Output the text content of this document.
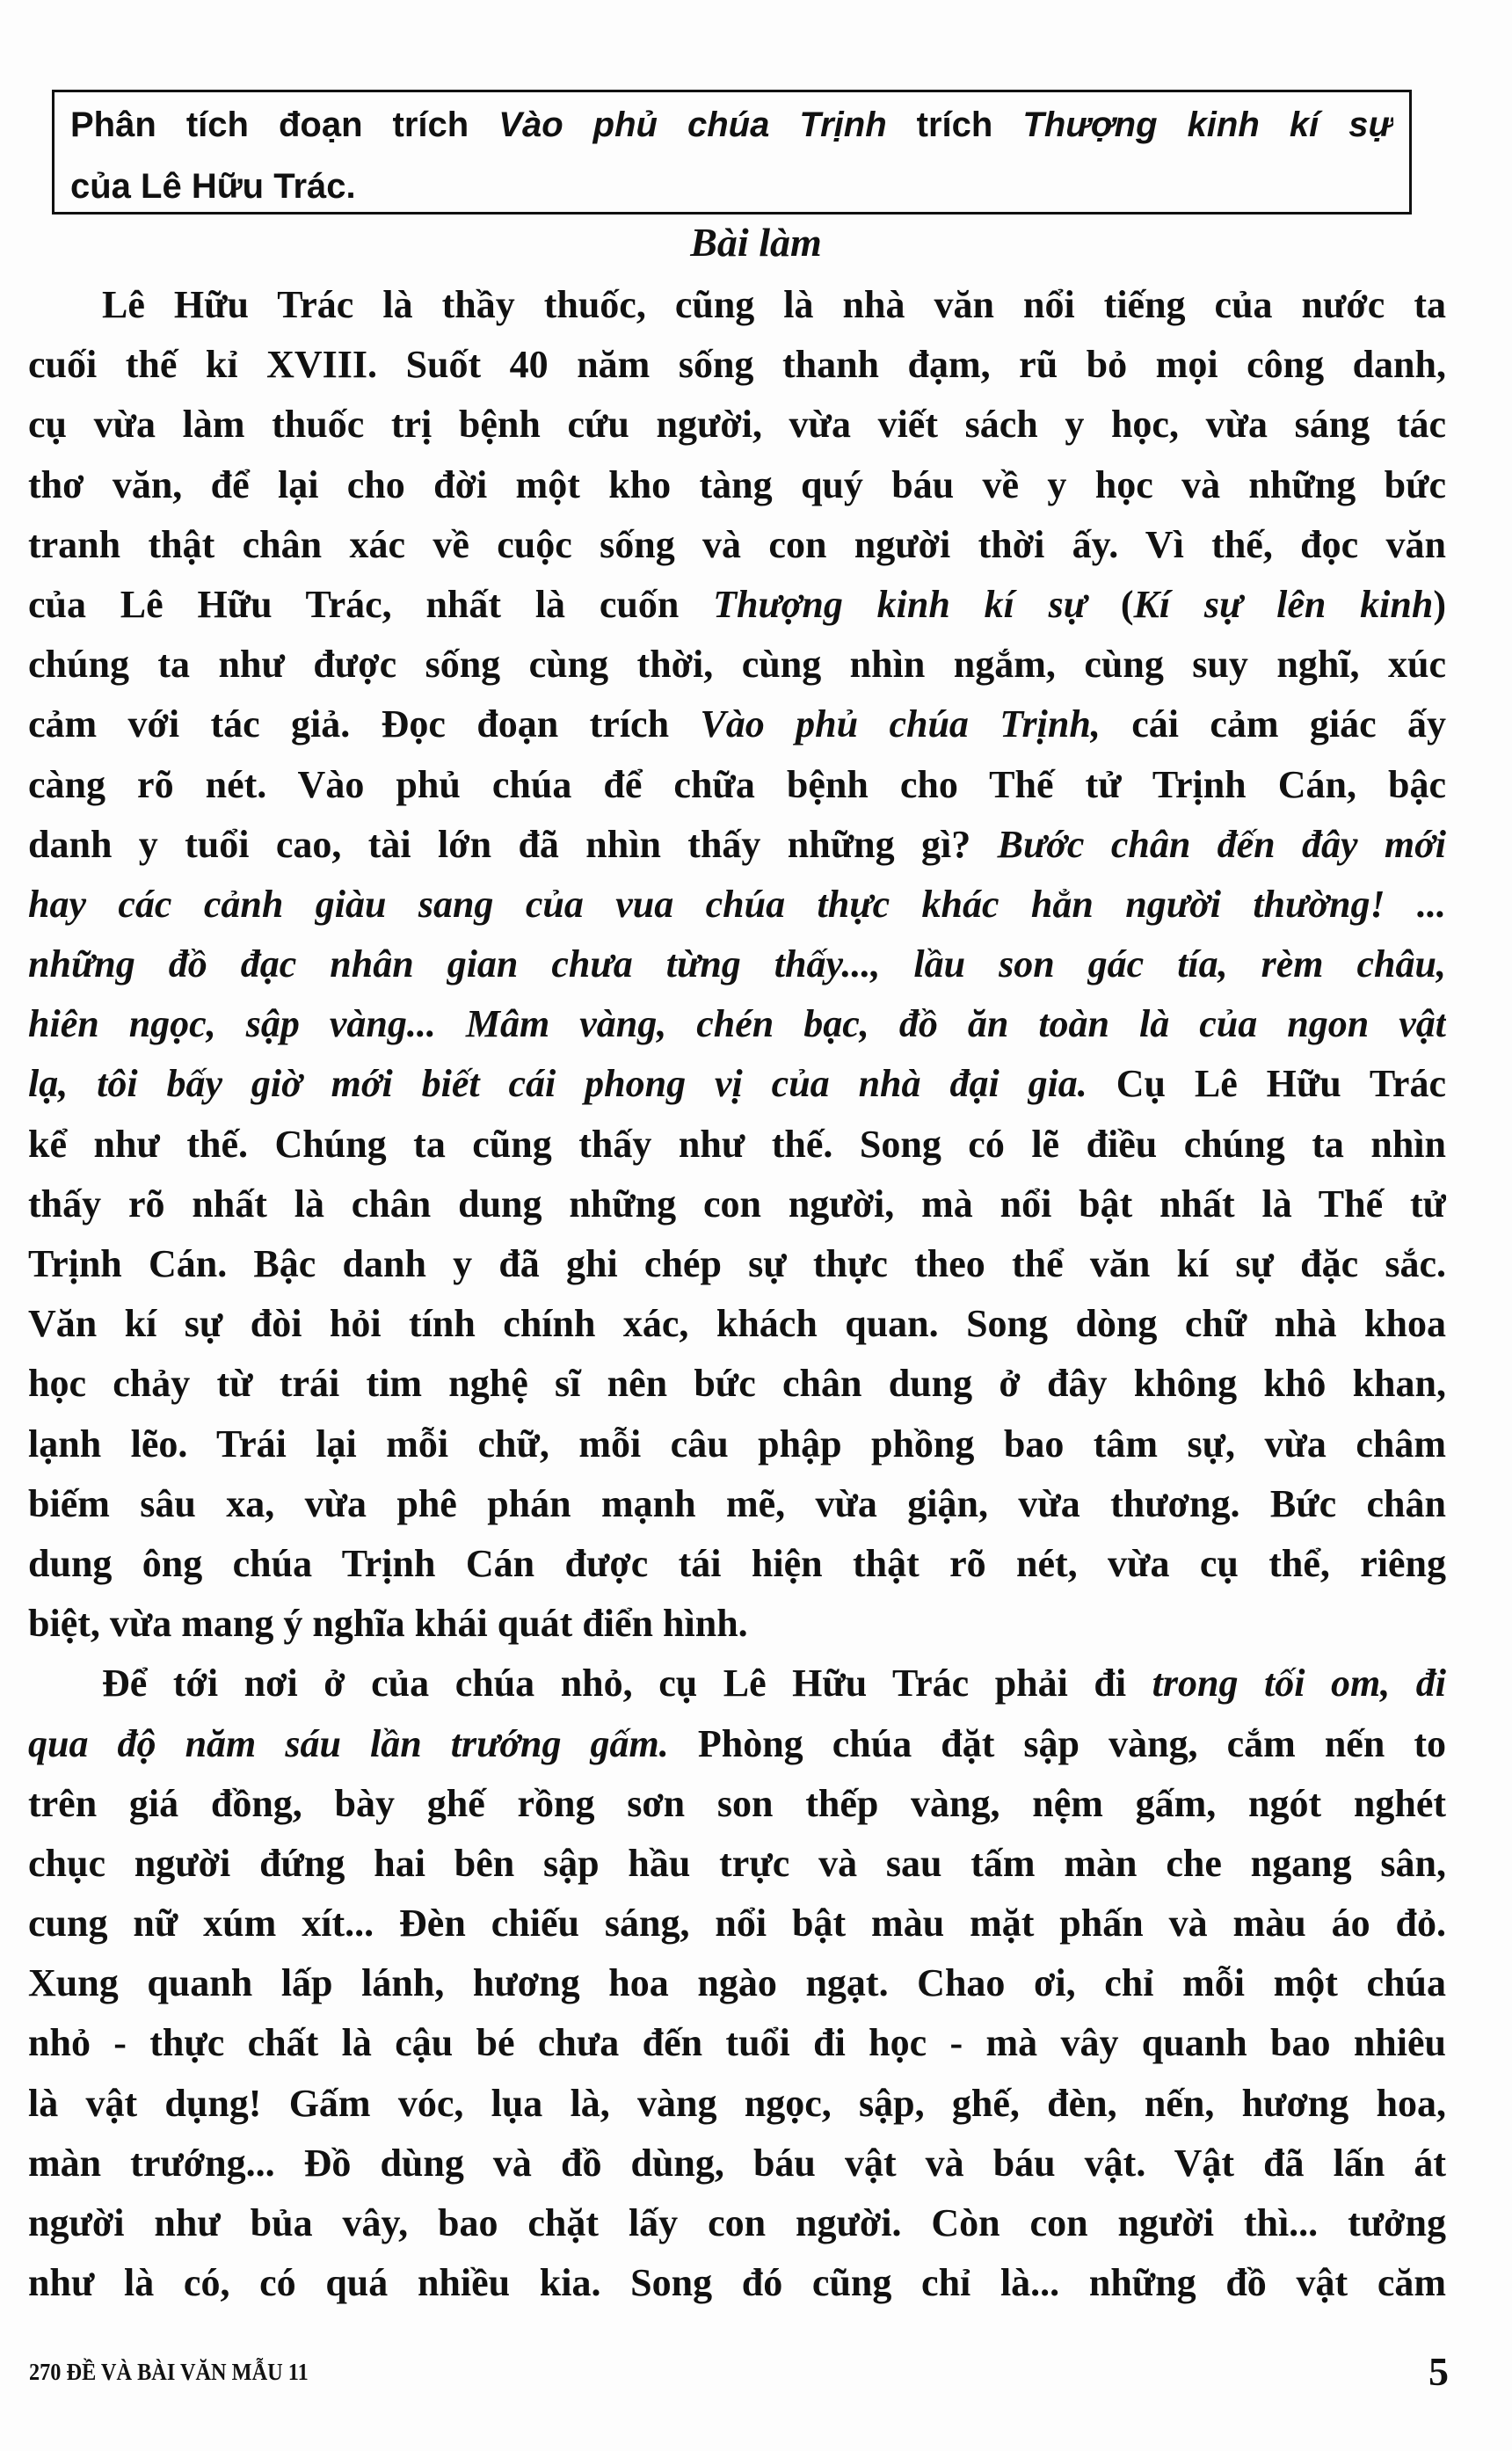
Phân tích đoạn trích Vào phủ chúa Trịnh trích Thượng kinh kí sự
của Lê Hữu Trác.
Bài làm
Lê Hữu Trác là thầy thuốc, cũng là nhà văn nổi tiếng của nước ta
cuối thế kỉ XVIII. Suốt 40 năm sống thanh đạm, rũ bỏ mọi công danh,
cụ vừa làm thuốc trị bệnh cứu người, vừa viết sách y học, vừa sáng tác
thơ văn, để lại cho đời một kho tàng quý báu về y học và những bức
tranh thật chân xác về cuộc sống và con người thời ấy. Vì thế, đọc văn
của Lê Hữu Trác, nhất là cuốn Thượng kinh kí sự (Kí sự lên kinh)
chúng ta như được sống cùng thời, cùng nhìn ngắm, cùng suy nghĩ, xúc
cảm với tác giả. Đọc đoạn trích Vào phủ chúa Trịnh, cái cảm giác ấy
càng rõ nét. Vào phủ chúa để chữa bệnh cho Thế tử Trịnh Cán, bậc
danh y tuổi cao, tài lớn đã nhìn thấy những gì? Bước chân đến đây mới
hay các cảnh giàu sang của vua chúa thực khác hẳn người thường! ...
những đồ đạc nhân gian chưa từng thấy..., lầu son gác tía, rèm châu,
hiên ngọc, sập vàng... Mâm vàng, chén bạc, đồ ăn toàn là của ngon vật
lạ, tôi bấy giờ mới biết cái phong vị của nhà đại gia. Cụ Lê Hữu Trác
kể như thế. Chúng ta cũng thấy như thế. Song có lẽ điều chúng ta nhìn
thấy rõ nhất là chân dung những con người, mà nổi bật nhất là Thế tử
Trịnh Cán. Bậc danh y đã ghi chép sự thực theo thể văn kí sự đặc sắc.
Văn kí sự đòi hỏi tính chính xác, khách quan. Song dòng chữ nhà khoa
học chảy từ trái tim nghệ sĩ nên bức chân dung ở đây không khô khan,
lạnh lẽo. Trái lại mỗi chữ, mỗi câu phập phồng bao tâm sự, vừa châm
biếm sâu xa, vừa phê phán mạnh mẽ, vừa giận, vừa thương. Bức chân
dung ông chúa Trịnh Cán được tái hiện thật rõ nét, vừa cụ thể, riêng
biệt, vừa mang ý nghĩa khái quát điển hình.
Để tới nơi ở của chúa nhỏ, cụ Lê Hữu Trác phải đi trong tối om, đi
qua độ năm sáu lần trướng gấm. Phòng chúa đặt sập vàng, cắm nến to
trên giá đồng, bày ghế rồng sơn son thếp vàng, nệm gấm, ngót nghét
chục người đứng hai bên sập hầu trực và sau tấm màn che ngang sân,
cung nữ xúm xít... Đèn chiếu sáng, nổi bật màu mặt phấn và màu áo đỏ.
Xung quanh lấp lánh, hương hoa ngào ngạt. Chao ơi, chỉ mỗi một chúa
nhỏ - thực chất là cậu bé chưa đến tuổi đi học - mà vây quanh bao nhiêu
là vật dụng! Gấm vóc, lụa là, vàng ngọc, sập, ghế, đèn, nến, hương hoa,
màn trướng... Đồ dùng và đồ dùng, báu vật và báu vật. Vật đã lấn át
người như bủa vây, bao chặt lấy con người. Còn con người thì... tưởng
như là có, có quá nhiều kia. Song đó cũng chỉ là... những đồ vật căm
270 ĐỀ VÀ BÀI VĂN MẪU 11	5
